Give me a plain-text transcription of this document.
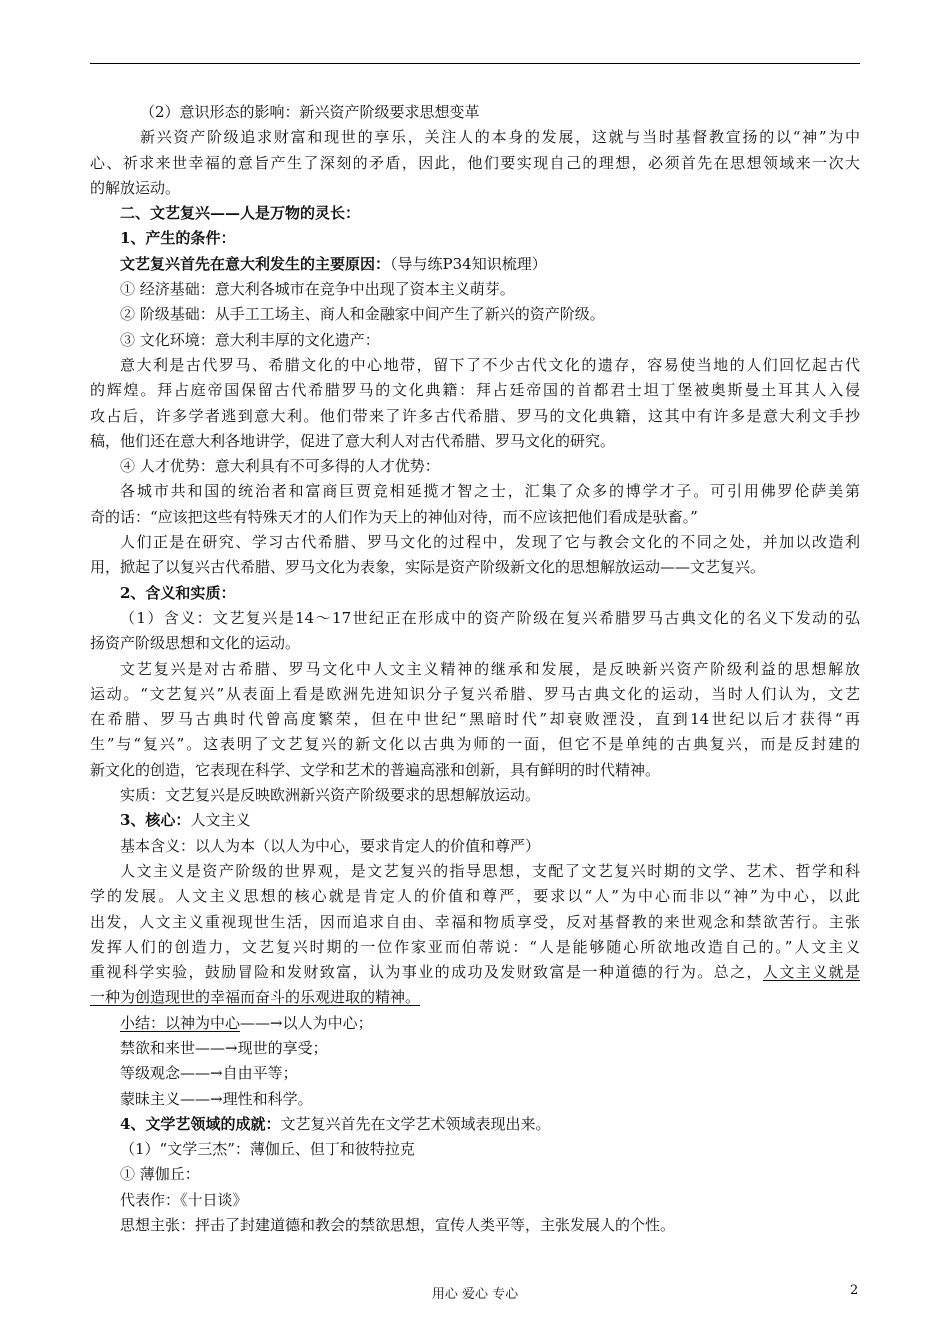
（2）意识形态的影响：新兴资产阶级要求思想变革
新兴资产阶级追求财富和现世的享乐，关注人的本身的发展，这就与当时基督教宣扬的以“神”为中
心、祈求来世幸福的意旨产生了深刻的矛盾，因此，他们要实现自己的理想，必须首先在思想领域来一次大
的解放运动。
二、文艺复兴——人是万物的灵长：
1、产生的条件：
文艺复兴首先在意大利发生的主要原因：（导与练P34知识梳理）
① 经济基础：意大利各城市在竞争中出现了资本主义萌芽。
② 阶级基础：从手工工场主、商人和金融家中间产生了新兴的资产阶级。
③ 文化环境：意大利丰厚的文化遗产：
意大利是古代罗马、希腊文化的中心地带，留下了不少古代文化的遗存，容易使当地的人们回忆起古代
的辉煌。拜占庭帝国保留古代希腊罗马的文化典籍：拜占廷帝国的首都君士坦丁堡被奥斯曼土耳其人入侵
攻占后，许多学者逃到意大利。他们带来了许多古代希腊、罗马的文化典籍，这其中有许多是意大利文手抄
稿，他们还在意大利各地讲学，促进了意大利人对古代希腊、罗马文化的研究。
④ 人才优势：意大利具有不可多得的人才优势：
各城市共和国的统治者和富商巨贾竞相延揽才智之士，汇集了众多的博学才子。可引用佛罗伦萨美第
奇的话：“应该把这些有特殊天才的人们作为天上的神仙对待，而不应该把他们看成是驮畜。”
人们正是在研究、学习古代希腊、罗马文化的过程中，发现了它与教会文化的不同之处，并加以改造利
用，掀起了以复兴古代希腊、罗马文化为表象，实际是资产阶级新文化的思想解放运动——文艺复兴。
2、含义和实质：
（1）含义：文艺复兴是14～17世纪正在形成中的资产阶级在复兴希腊罗马古典文化的名义下发动的弘
扬资产阶级思想和文化的运动。
文艺复兴是对古希腊、罗马文化中人文主义精神的继承和发展，是反映新兴资产阶级利益的思想解放
运动。“文艺复兴”从表面上看是欧洲先进知识分子复兴希腊、罗马古典文化的运动，当时人们认为，文艺
在希腊、罗马古典时代曾高度繁荣，但在中世纪“黑暗时代”却衰败湮没，直到14世纪以后才获得“再
生”与“复兴”。这表明了文艺复兴的新文化以古典为师的一面，但它不是单纯的古典复兴，而是反封建的
新文化的创造，它表现在科学、文学和艺术的普遍高涨和创新，具有鲜明的时代精神。
实质：文艺复兴是反映欧洲新兴资产阶级要求的思想解放运动。
3、核心：人文主义
基本含义：以人为本（以人为中心，要求肯定人的价值和尊严）
人文主义是资产阶级的世界观，是文艺复兴的指导思想，支配了文艺复兴时期的文学、艺术、哲学和科
学的发展。人文主义思想的核心就是肯定人的价值和尊严，要求以“人”为中心而非以“神”为中心，以此
出发，人文主义重视现世生活，因而追求自由、幸福和物质享受，反对基督教的来世观念和禁欲苦行。主张
发挥人们的创造力，文艺复兴时期的一位作家亚而伯蒂说：“人是能够随心所欲地改造自己的。”人文主义
重视科学实验，鼓励冒险和发财致富，认为事业的成功及发财致富是一种道德的行为。总之，人文主义就是
一种为创造现世的幸福而奋斗的乐观进取的精神。
小结：以神为中心——→以人为中心；
禁欲和来世——→现世的享受；
等级观念——→自由平等；
蒙昧主义——→理性和科学。
4、文学艺领域的成就：文艺复兴首先在文学艺术领域表现出来。
（1）“文学三杰”：薄伽丘、但丁和彼特拉克
① 薄伽丘：
代表作：《十日谈》
思想主张：抨击了封建道德和教会的禁欲思想，宣传人类平等，主张发展人的个性。
用心 爱心 专心	2
